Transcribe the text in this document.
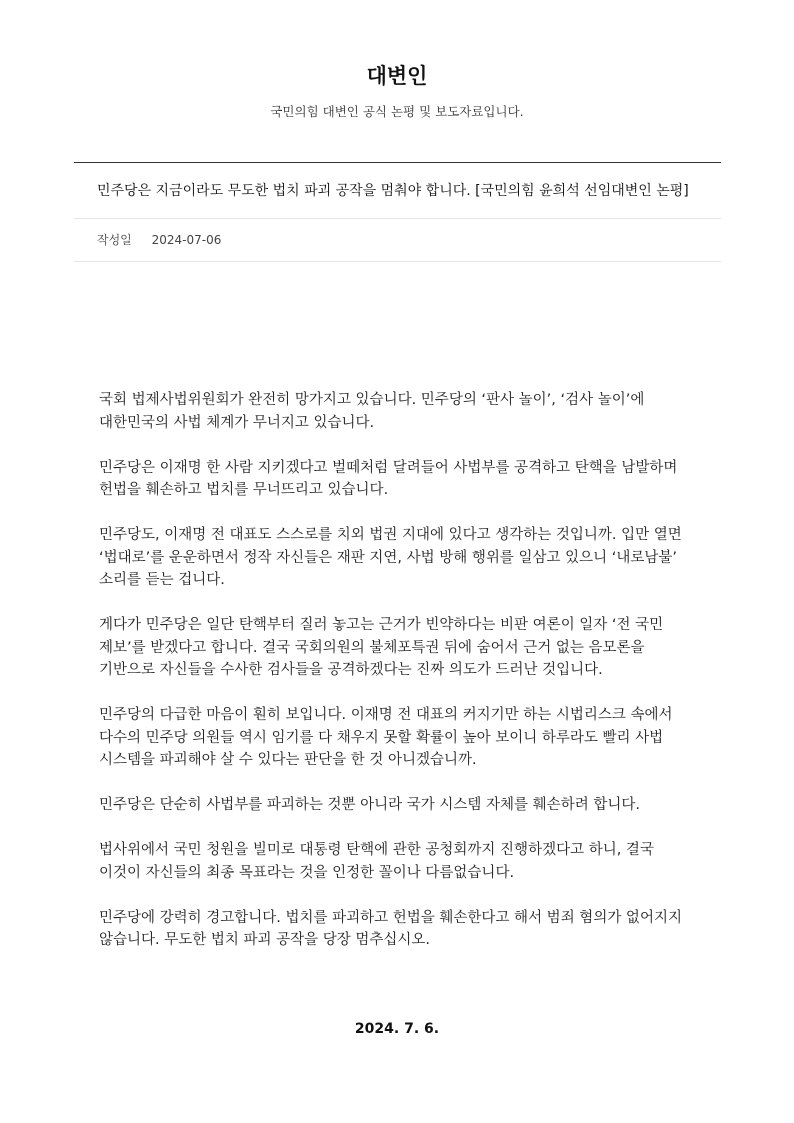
대변인
국민의힘 대변인 공식 논평 및 보도자료입니다.
민주당은 지금이라도 무도한 법치 파괴 공작을 멈춰야 합니다. [국민의힘 윤희석 선임대변인 논평]
작성일 2024-07-06

국회 법제사법위원회가 완전히 망가지고 있습니다. 민주당의 ‘판사 놀이’, ‘검사 놀이’에 대한민국의 사법 체계가 무너지고 있습니다.

민주당은 이재명 한 사람 지키겠다고 벌떼처럼 달려들어 사법부를 공격하고 탄핵을 남발하며 헌법을 훼손하고 법치를 무너뜨리고 있습니다.

민주당도, 이재명 전 대표도 스스로를 치외 법권 지대에 있다고 생각하는 것입니까. 입만 열면 ‘법대로’를 운운하면서 정작 자신들은 재판 지연, 사법 방해 행위를 일삼고 있으니 ‘내로남불’ 소리를 듣는 겁니다.

게다가 민주당은 일단 탄핵부터 질러 놓고는 근거가 빈약하다는 비판 여론이 일자 ‘전 국민 제보’를 받겠다고 합니다. 결국 국회의원의 불체포특권 뒤에 숨어서 근거 없는 음모론을 기반으로 자신들을 수사한 검사들을 공격하겠다는 진짜 의도가 드러난 것입니다.

민주당의 다급한 마음이 훤히 보입니다. 이재명 전 대표의 커지기만 하는 시법리스크 속에서 다수의 민주당 의원들 역시 임기를 다 채우지 못할 확률이 높아 보이니 하루라도 빨리 사법 시스템을 파괴해야 살 수 있다는 판단을 한 것 아니겠습니까.

민주당은 단순히 사법부를 파괴하는 것뿐 아니라 국가 시스템 자체를 훼손하려 합니다.

법사위에서 국민 청원을 빌미로 대통령 탄핵에 관한 공청회까지 진행하겠다고 하니, 결국 이것이 자신들의 최종 목표라는 것을 인정한 꼴이나 다름없습니다.

민주당에 강력히 경고합니다. 법치를 파괴하고 헌법을 훼손한다고 해서 범죄 혐의가 없어지지 않습니다. 무도한 법치 파괴 공작을 당장 멈추십시오.

2024. 7. 6.
